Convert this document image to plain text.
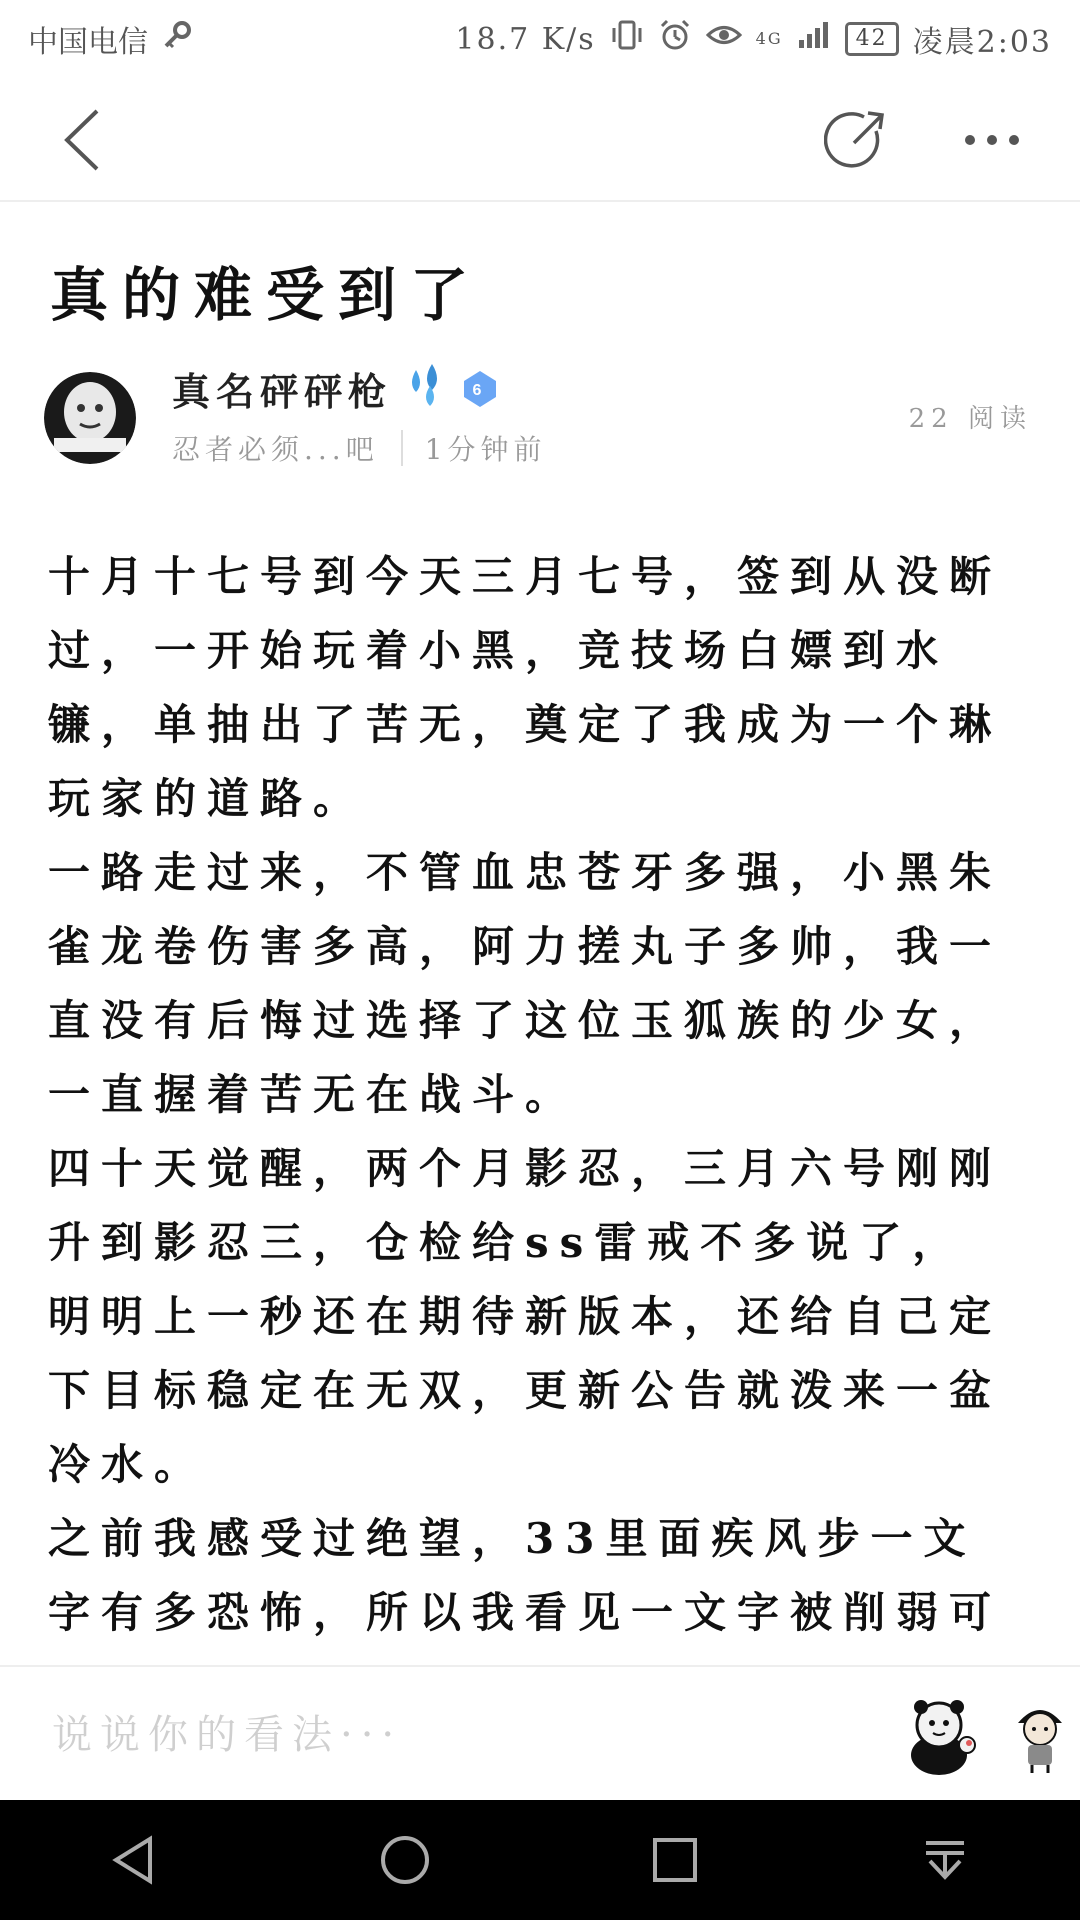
中国电信	18.7 K/s	4G	42 凌晨2:03
真的难受到了
真名砰砰枪	6
忍者必须...吧 1分钟前
22 阅读

十月十七号到今天三月七号，签到从没断过，一开始玩着小黑，竞技场白嫖到水镰，单抽出了苦无，奠定了我成为一个琳玩家的道路。

一路走过来，不管血忠苍牙多强，小黑朱雀龙卷伤害多高，阿力搓丸子多帅，我一直没有后悔过选择了这位玉狐族的少女，一直握着苦无在战斗。

四十天觉醒，两个月影忍，三月六号刚刚升到影忍三，仓检给ss雷戒不多说了，明明上一秒还在期待新版本，还给自己定下目标稳定在无双，更新公告就泼来一盆冷水。

之前我感受过绝望，33里面疾风步一文字有多恐怖，所以我看见一文字被削弱可

说说你的看法···
